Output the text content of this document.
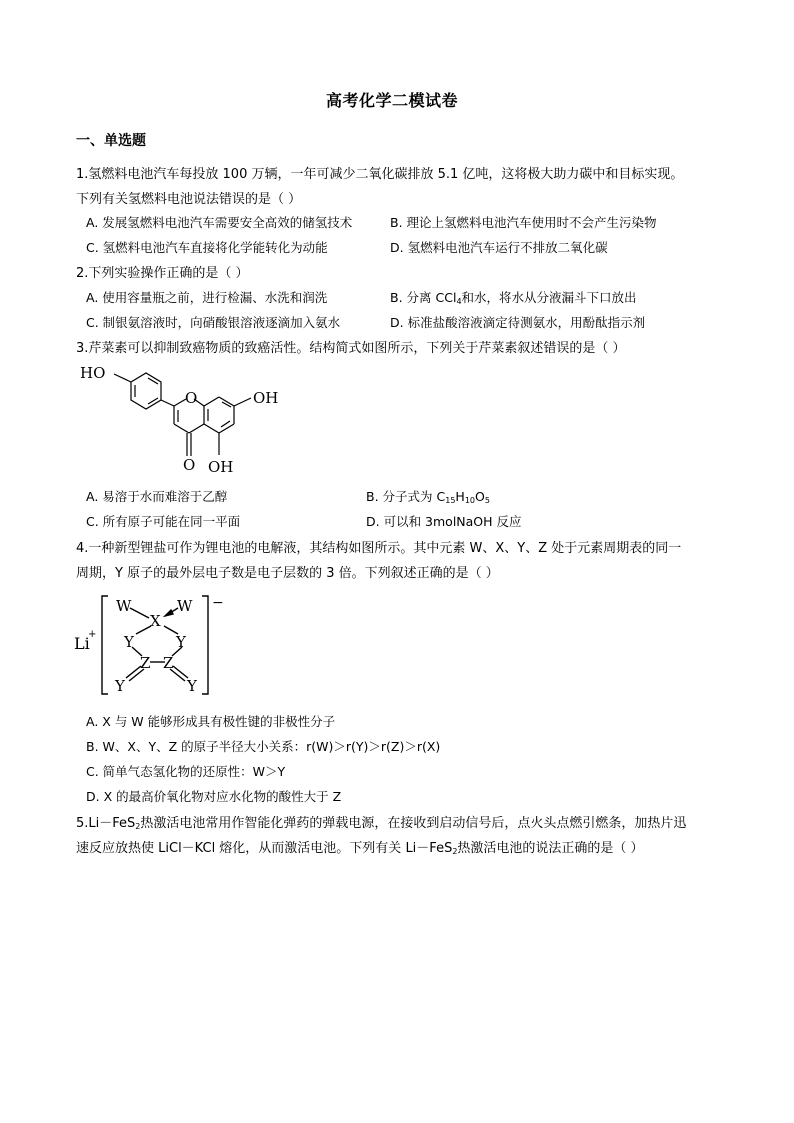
高考化学二模试卷
一、单选题
1.氢燃料电池汽车每投放 100 万辆，一年可减少二氧化碳排放 5.1 亿吨，这将极大助力碳中和目标实现。
下列有关氢燃料电池说法错误的是（ ）
A. 发展氢燃料电池汽车需要安全高效的储氢技术	B. 理论上氢燃料电池汽车使用时不会产生污染物
C. 氢燃料电池汽车直接将化学能转化为动能	D. 氢燃料电池汽车运行不排放二氧化碳
2.下列实验操作正确的是（ ）
A. 使用容量瓶之前，进行检漏、水洗和润洗	B. 分离 CCl$_4$和水，将水从分液漏斗下口放出
C. 制银氨溶液时，向硝酸银溶液逐滴加入氨水	D. 标准盐酸溶液滴定待测氨水，用酚酞指示剂
3.芹菜素可以抑制致癌物质的致癌活性。结构简式如图所示，下列关于芹菜素叙述错误的是（ ）
HO
O
O
OH
OH
A. 易溶于水而难溶于乙醇	B. 分子式为 $C_{15}H_{10}O_5$
C. 所有原子可能在同一平面	D. 可以和 3molNaOH 反应
4.一种新型锂盐可作为锂电池的电解液，其结构如图所示。其中元素 W、X、Y、Z 处于元素周期表的同一
周期，Y 原子的最外层电子数是电子层数的 3 倍。下列叙述正确的是（ ）
Li
+
−
W	W
X
Y	Y
Z Z
Y	Y
A. X 与 W 能够形成具有极性键的非极性分子
B. W、X、Y、Z 的原子半径大小关系：r(W)＞r(Y)＞r(Z)＞r(X)
C. 简单气态氢化物的还原性：W＞Y
D. X 的最高价氧化物对应水化物的酸性大于 Z
5.Li－FeS$_2$热激活电池常用作智能化弹药的弹载电源，在接收到启动信号后，点火头点燃引燃条，加热片迅
速反应放热使 LiCl－KCl 熔化，从而激活电池。下列有关 Li－FeS$_2$热激活电池的说法正确的是（ ）
